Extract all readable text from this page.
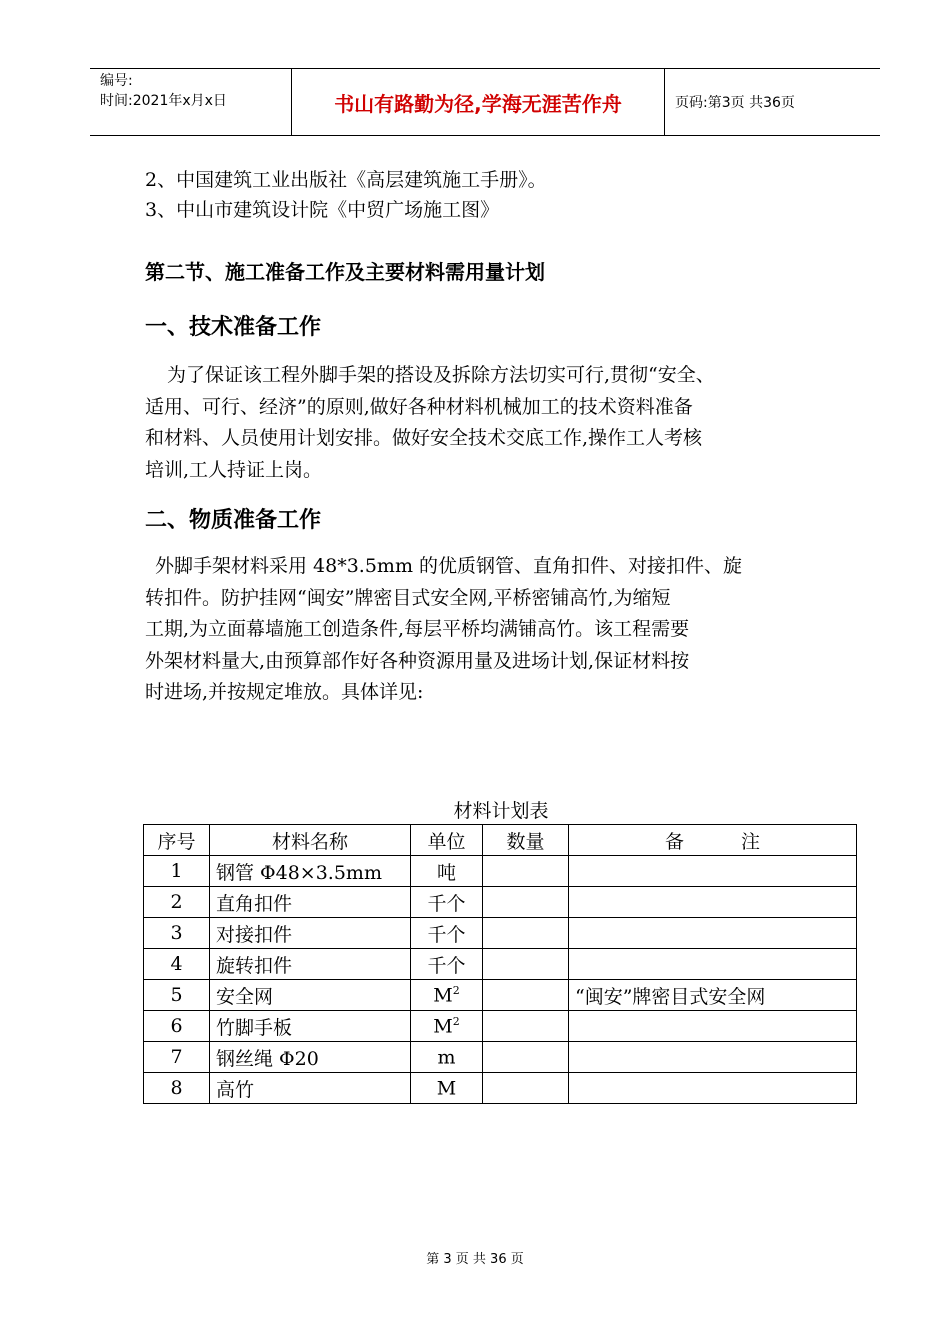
编号:
时间:2021年x月x日	书山有路勤为径,学海无涯苦作舟	页码:第3页 共36页
2、中国建筑工业出版社《高层建筑施工手册》。
3、中山市建筑设计院《中贸广场施工图》
第二节、施工准备工作及主要材料需用量计划
一、技术准备工作
为了保证该工程外脚手架的搭设及拆除方法切实可行,贯彻“安全、
适用、可行、经济”的原则,做好各种材料机械加工的技术资料准备
和材料、人员使用计划安排。做好安全技术交底工作,操作工人考核
培训,工人持证上岗。
二、物质准备工作
外脚手架材料采用 48*3.5mm 的优质钢管、直角扣件、对接扣件、旋
转扣件。防护挂网“闽安”牌密目式安全网,平桥密铺高竹,为缩短
工期,为立面幕墙施工创造条件,每层平桥均满铺高竹。该工程需要
外架材料量大,由预算部作好各种资源用量及进场计划,保证材料按
时进场,并按规定堆放。具体详见:
材料计划表
序号	材料名称	单位	数量	备　　　注
1	钢管 Φ48×3.5mm	吨		
2	直角扣件	千个		
3	对接扣件	千个		
4	旋转扣件	千个		
5	安全网	$M^2$		“闽安”牌密目式安全网
6	竹脚手板	$M^2$		
7	钢丝绳 Φ20	m		
8	高竹	M		
第 3 页 共 36 页
